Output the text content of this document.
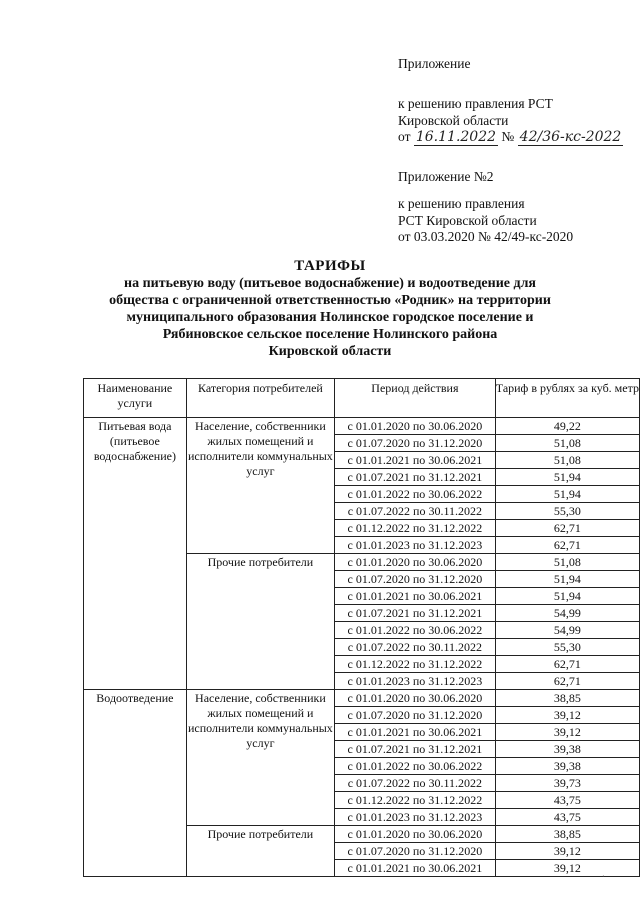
Приложение
к решению правления РСТ
Кировской области
от 16.11.2022 № 42/36-кс-2022
Приложение №2
к решению правления
РСТ Кировской области
от 03.03.2020 № 42/49-кс-2020
ТАРИФЫ
на питьевую воду (питьевое водоснабжение) и водоотведение для
общества с ограниченной ответственностью «Родник» на территории
муниципального образования Нолинское городское поселение и
Рябиновское сельское поселение Нолинского района
Кировской области
Наименование услуги	Категория потребителей	Период действия	Тариф в рублях за куб. метр

Питьевая вода (питьевое водоснабжение)	Население, собственники жилых помещений и исполнители коммунальных услуг	с 01.01.2020 по 30.06.2020	49,22
		с 01.07.2020 по 31.12.2020	51,08
		с 01.01.2021 по 30.06.2021	51,08
		с 01.07.2021 по 31.12.2021	51,94
		с 01.01.2022 по 30.06.2022	51,94
		с 01.07.2022 по 30.11.2022	55,30
		с 01.12.2022 по 31.12.2022	62,71
		с 01.01.2023 по 31.12.2023	62,71

	Прочие потребители	с 01.01.2020 по 30.06.2020	51,08
		с 01.07.2020 по 31.12.2020	51,94
		с 01.01.2021 по 30.06.2021	51,94
		с 01.07.2021 по 31.12.2021	54,99
		с 01.01.2022 по 30.06.2022	54,99
		с 01.07.2022 по 30.11.2022	55,30
		с 01.12.2022 по 31.12.2022	62,71
		с 01.01.2023 по 31.12.2023	62,71

Водоотведение	Население, собственники жилых помещений и исполнители коммунальных услуг	с 01.01.2020 по 30.06.2020	38,85
		с 01.07.2020 по 31.12.2020	39,12
		с 01.01.2021 по 30.06.2021	39,12
		с 01.07.2021 по 31.12.2021	39,38
		с 01.01.2022 по 30.06.2022	39,38
		с 01.07.2022 по 30.11.2022	39,73
		с 01.12.2022 по 31.12.2022	43,75
		с 01.01.2023 по 31.12.2023	43,75

	Прочие потребители	с 01.01.2020 по 30.06.2020	38,85
		с 01.07.2020 по 31.12.2020	39,12
		с 01.01.2021 по 30.06.2021	39,12
·
